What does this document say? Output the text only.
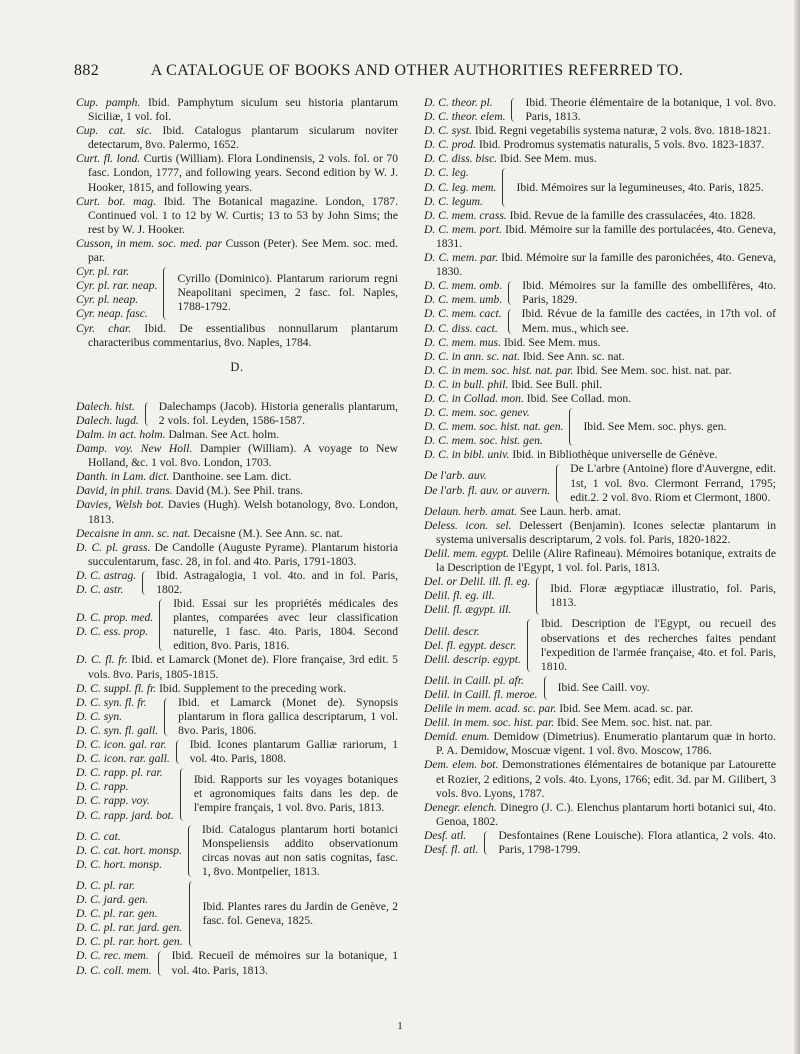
882	A CATALOGUE OF BOOKS AND OTHER AUTHORITIES REFERRED TO.

Cup. pamph. Ibid. Pamphytum siculum seu historia plantarum Siciliæ, 1 vol. fol.

Cup. cat. sic. Ibid. Catalogus plantarum sicularum noviter detectarum, 8vo. Palermo, 1652.

Curt. fl. lond. Curtis (William). Flora Londinensis, 2 vols. fol. or 70 fasc. London, 1777, and following years. Second edition by W. J. Hooker, 1815, and following years.

Curt. bot. mag. Ibid. The Botanical magazine. London, 1787. Continued vol. 1 to 12 by W. Curtis; 13 to 53 by John Sims; the rest by W. J. Hooker.

Cusson, in mem. soc. med. par Cusson (Peter). See Mem. soc. med. par.

Cyr. pl. rar.
Cyr. pl. rar. neap.
Cyr. pl. neap.
Cyr. neap. fasc.
Cyrillo (Dominico). Plantarum rariorum regni Neapolitani specimen, 2 fasc. fol. Naples, 1788-1792.

Cyr. char. Ibid. De essentialibus nonnullarum plantarum characteribus commentarius, 8vo. Naples, 1784.

D.
Dalech. hist.
Dalech. lugd.
Dalechamps (Jacob). Historia generalis plantarum, 2 vols. fol. Leyden, 1586-1587.

Dalm. in act. holm. Dalman. See Act. holm.

Damp. voy. New Holl. Dampier (William). A voyage to New Holland, &c. 1 vol. 8vo. London, 1703.

Danth. in Lam. dict. Danthoine. see Lam. dict.

David, in phil. trans. David (M.). See Phil. trans.

Davies, Welsh bot. Davies (Hugh). Welsh botanology, 8vo. London, 1813.

Decaisne in ann. sc. nat. Decaisne (M.). See Ann. sc. nat.

D. C. pl. grass. De Candolle (Auguste Pyrame). Plantarum historia succulentarum, fasc. 28, in fol. and 4to. Paris, 1791-1803.

D. C. astrag.
D. C. astr.
Ibid. Astragalogia, 1 vol. 4to. and in fol. Paris, 1802.
D. C. prop. med.
D. C. ess. prop.
Ibid. Essai sur les propriétés médicales des plantes, comparées avec leur classification naturelle, 1 fasc. 4to. Paris, 1804. Second edition, 8vo. Paris, 1816.

D. C. fl. fr. Ibid. et Lamarck (Monet de). Flore française, 3rd edit. 5 vols. 8vo. Paris, 1805-1815.

D. C. suppl. fl. fr. Ibid. Supplement to the preceding work.

D. C. syn. fl. fr.
D. C. syn.
D. C. syn. fl. gall.
Ibid. et Lamarck (Monet de). Synopsis plantarum in flora gallica descriptarum, 1 vol. 8vo. Paris, 1806.
D. C. icon. gal. rar.
D. C. icon. rar. gall.
Ibid. Icones plantarum Galliæ rariorum, 1 vol. 4to. Paris, 1808.
D. C. rapp. pl. rar.
D. C. rapp.
D. C. rapp. voy.
D. C. rapp. jard. bot.
Ibid. Rapports sur les voyages botaniques et agronomiques faits dans les dep. de l'empire français, 1 vol. 8vo. Paris, 1813.
D. C. cat.
D. C. cat. hort. monsp.
D. C. hort. monsp.
Ibid. Catalogus plantarum horti botanici Monspeliensis addito observationum circas novas aut non satis cognitas, fasc. 1, 8vo. Montpelier, 1813.
D. C. pl. rar.
D. C. jard. gen.
D. C. pl. rar. gen.
D. C. pl. rar. jard. gen.
D. C. pl. rar. hort. gen.
Ibid. Plantes rares du Jardin de Genève, 2 fasc. fol. Geneva, 1825.
D. C. rec. mem.
D. C. coll. mem.
Ibid. Recueil de mémoires sur la botanique, 1 vol. 4to. Paris, 1813.
D. C. theor. pl.
D. C. theor. elem.
Ibid. Theorie élémentaire de la botanique, 1 vol. 8vo. Paris, 1813.

D. C. syst. Ibid. Regni vegetabilis systema naturæ, 2 vols. 8vo. 1818-1821.

D. C. prod. Ibid. Prodromus systematis naturalis, 5 vols. 8vo. 1823-1837.

D. C. diss. bisc. Ibid. See Mem. mus.

D. C. leg.
D. C. leg. mem.
D. C. legum.
Ibid. Mémoires sur la legumineuses, 4to. Paris, 1825.

D. C. mem. crass. Ibid. Revue de la famille des crassulacées, 4to. 1828.

D. C. mem. port. Ibid. Mémoire sur la famille des portulacées, 4to. Geneva, 1831.

D. C. mem. par. Ibid. Mémoire sur la famille des paronichées, 4to. Geneva, 1830.

D. C. mem. omb.
D. C. mem. umb.
Ibid. Mémoires sur la famille des ombellifères, 4to. Paris, 1829.
D. C. mem. cact.
D. C. diss. cact.
Ibid. Révue de la famille des cactées, in 17th vol. of Mem. mus., which see.

D. C. mem. mus. Ibid. See Mem. mus.

D. C. in ann. sc. nat. Ibid. See Ann. sc. nat.

D. C. in mem. soc. hist. nat. par. Ibid. See Mem. soc. hist. nat. par.

D. C. in bull. phil. Ibid. See Bull. phil.

D. C. in Collad. mon. Ibid. See Collad. mon.

D. C. mem. soc. genev.
D. C. mem. soc. hist. nat. gen.
D. C. mem. soc. hist. gen.
Ibid. See Mem. soc. phys. gen.

D. C. in bibl. univ. Ibid. in Bibliothèque universelle de Génève.

De l'arb. auv.
De l'arb. fl. auv. or auvern.
De L'arbre (Antoine) flore d'Auvergne, edit. 1st, 1 vol. 8vo. Clermont Ferrand, 1795; edit.2. 2 vol. 8vo. Riom et Clermont, 1800.

Delaun. herb. amat. See Laun. herb. amat.

Deless. icon. sel. Delessert (Benjamin). Icones selectæ plantarum in systema universalis descriptarum, 2 vols. fol. Paris, 1820-1822.

Delil. mem. egypt. Delile (Alire Rafineau). Mémoires botanique, extraits de la Description de l'Egypt, 1 vol. fol. Paris, 1813.

Del. or Delil. ill. fl. eg.
Delil. fl. eg. ill.
Delil. fl. ægypt. ill.
Ibid. Floræ ægyptiacæ illustratio, fol. Paris, 1813.
Delil. descr.
Del. fl. egypt. descr.
Delil. descrip. egypt.
Ibid. Description de l'Egypt, ou recueil des observations et des recherches faites pendant l'expedition de l'armée française, 4to. et fol. Paris, 1810.
Delil. in Caill. pl. afr.
Delil. in Caill. fl. meroe.
Ibid. See Caill. voy.

Delile in mem. acad. sc. par. Ibid. See Mem. acad. sc. par.

Delil. in mem. soc. hist. par. Ibid. See Mem. soc. hist. nat. par.

Demid. enum. Demidow (Dimetrius). Enumeratio plantarum quæ in horto. P. A. Demidow, Moscuæ vigent. 1 vol. 8vo. Moscow, 1786.

Dem. elem. bot. Demonstrationes élémentaires de botanique par Latourette et Rozier, 2 editions, 2 vols. 4to. Lyons, 1766; edit. 3d. par M. Gilibert, 3 vols. 8vo. Lyons, 1787.

Denegr. elench. Dinegro (J. C.). Elenchus plantarum horti botanici sui, 4to. Genoa, 1802.

Desf. atl.
Desf. fl. atl.
Desfontaines (Rene Louische). Flora atlantica, 2 vols. 4to. Paris, 1798-1799.
1
